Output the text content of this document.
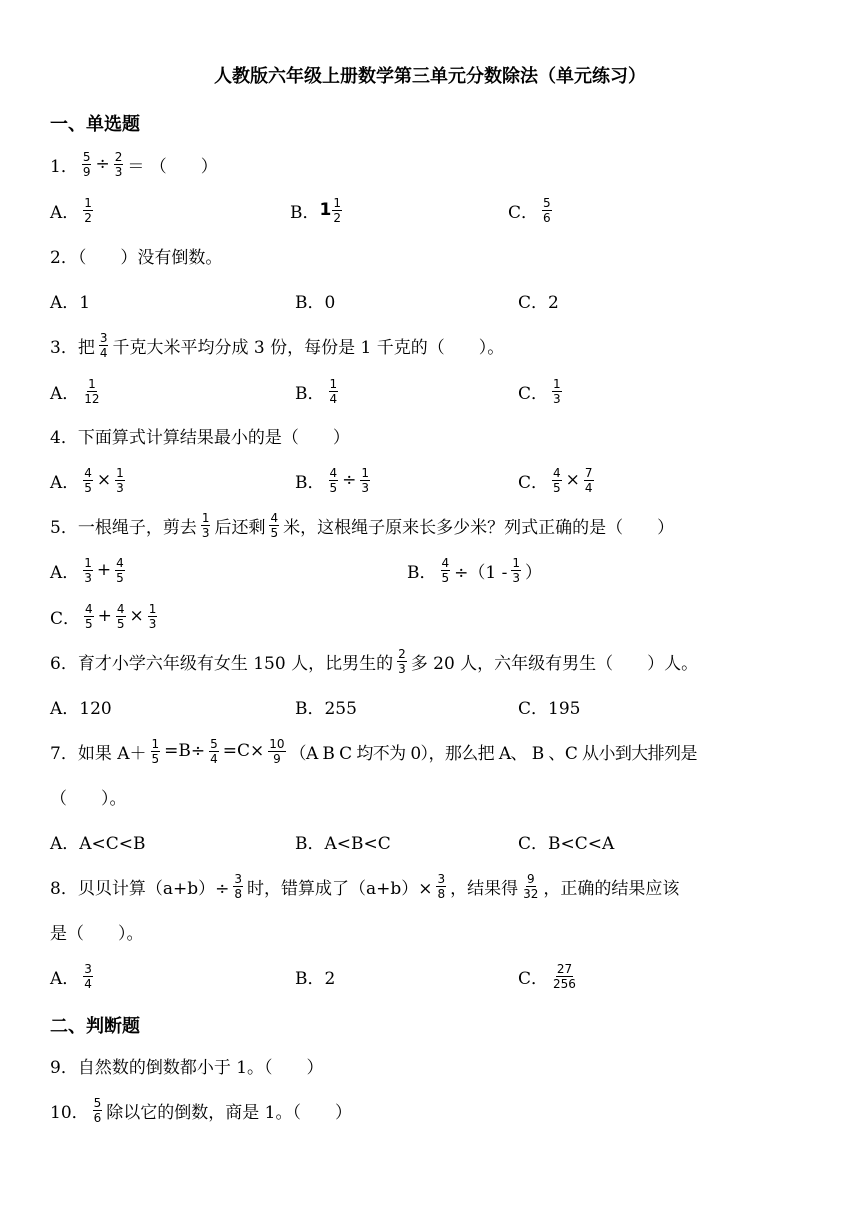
人教版六年级上册数学第三单元分数除法（单元练习）
一、单选题
1． $\frac{5}{9} \div \frac{2}{3}$ ＝ （　　）
A． $\frac{1}{2}$	B． $1 \frac{1}{2}$	C． $\frac{5}{6}$
2．（　　）没有倒数。
A．1	B．0	C．2
3．把 $\frac{3}{4}$ 千克大米平均分成 3 份，每份是 1 千克的（　　）。
A． $\frac{1}{12}$	B． $\frac{1}{4}$	C． $\frac{1}{3}$
4．下面算式计算结果最小的是（　　）
A． $\frac{4}{5} \times \frac{1}{3}$	B． $\frac{4}{5} \div \frac{1}{3}$	C． $\frac{4}{5} \times \frac{7}{4}$
5．一根绳子，剪去 $\frac{1}{3}$ 后还剩 $\frac{4}{5}$ 米，这根绳子原来长多少米？列式正确的是（　　）
A． $\frac{1}{3} + \frac{4}{5}$	B． $\frac{4}{5} \div(1 - \frac{1}{3}$ ）
C． $\frac{4}{5} + \frac{4}{5} \times \frac{1}{3}$
6．育才小学六年级有女生 150 人，比男生的 $\frac{2}{3}$ 多 20 人，六年级有男生（　　）人。
A．120	B．255	C．195
7．如果 $A+ \frac{1}{5} =B\div \frac{5}{4} =C\times \frac{10}{9} (A$ B C 均不为 0），那么把 A、 B 、C 从小到大排列是
（　　）。
A．A<C<B	B．A<B<C	C．B<C<A
8．贝贝计算$(a+b)\div \frac{3}{8}$ 时，错算成了$(a+b)\times \frac{3}{8}$ ，结果得 $\frac{9}{32}$ ，正确的结果应该
是（　　）。
A． $\frac{3}{4}$	B．2	C． $\frac{27}{256}$
二、判断题
9．自然数的倒数都小于 1。（　　）
10． $\frac{5}{6}$ 除以它的倒数，商是 1。（　　）
